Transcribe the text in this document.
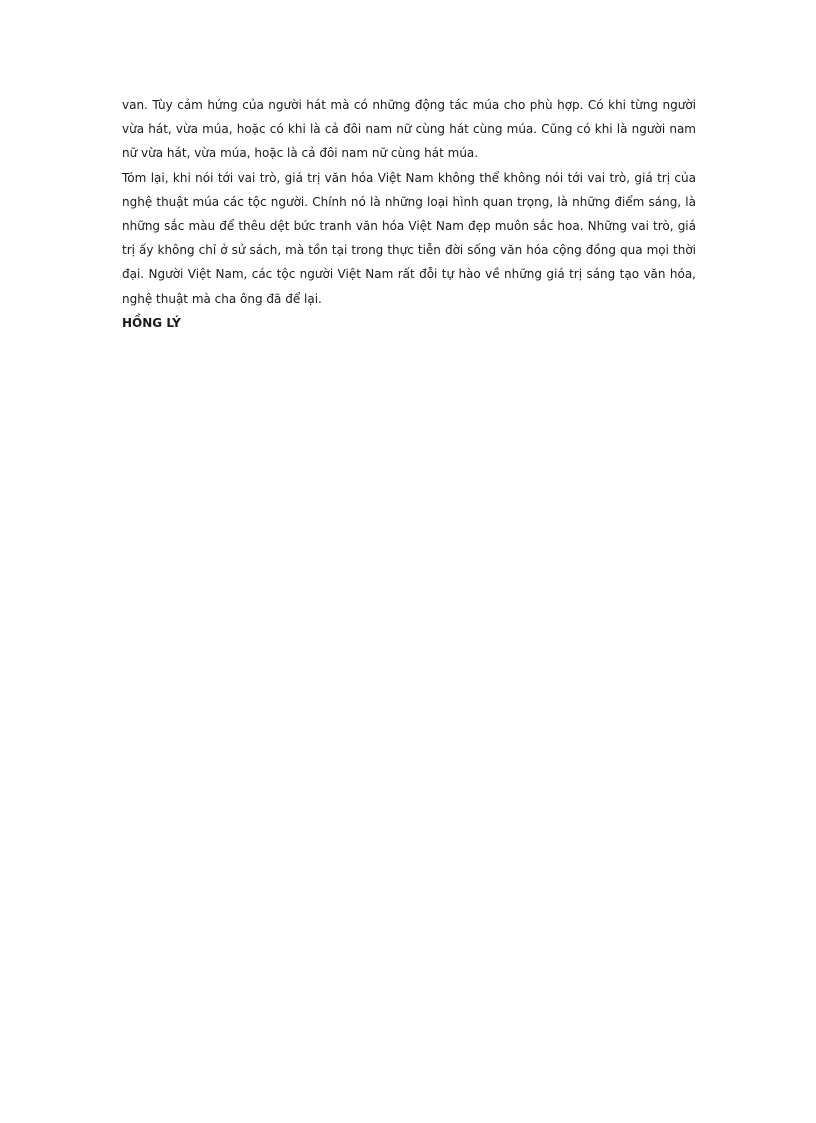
van. Tùy cảm hứng của người hát mà có những động tác múa cho phù hợp. Có khi từng người vừa hát, vừa múa, hoặc có khi là cả đôi nam nữ cùng hát cùng múa. Cũng có khi là người nam nữ vừa hát, vừa múa, hoặc là cả đôi nam nữ cùng hát múa.

Tóm lại, khi nói tới vai trò, giá trị văn hóa Việt Nam không thể không nói tới vai trò, giá trị của nghệ thuật múa các tộc người. Chính nó là những loại hình quan trọng, là những điểm sáng, là những sắc màu để thêu dệt bức tranh văn hóa Việt Nam đẹp muôn sắc hoa. Những vai trò, giá trị ấy không chỉ ở sử sách, mà tồn tại trong thực tiễn đời sống văn hóa cộng đồng qua mọi thời đại. Người Việt Nam, các tộc người Việt Nam rất đỗi tự hào về những giá trị sáng tạo văn hóa, nghệ thuật mà cha ông đã để lại.

HỒNG LÝ
